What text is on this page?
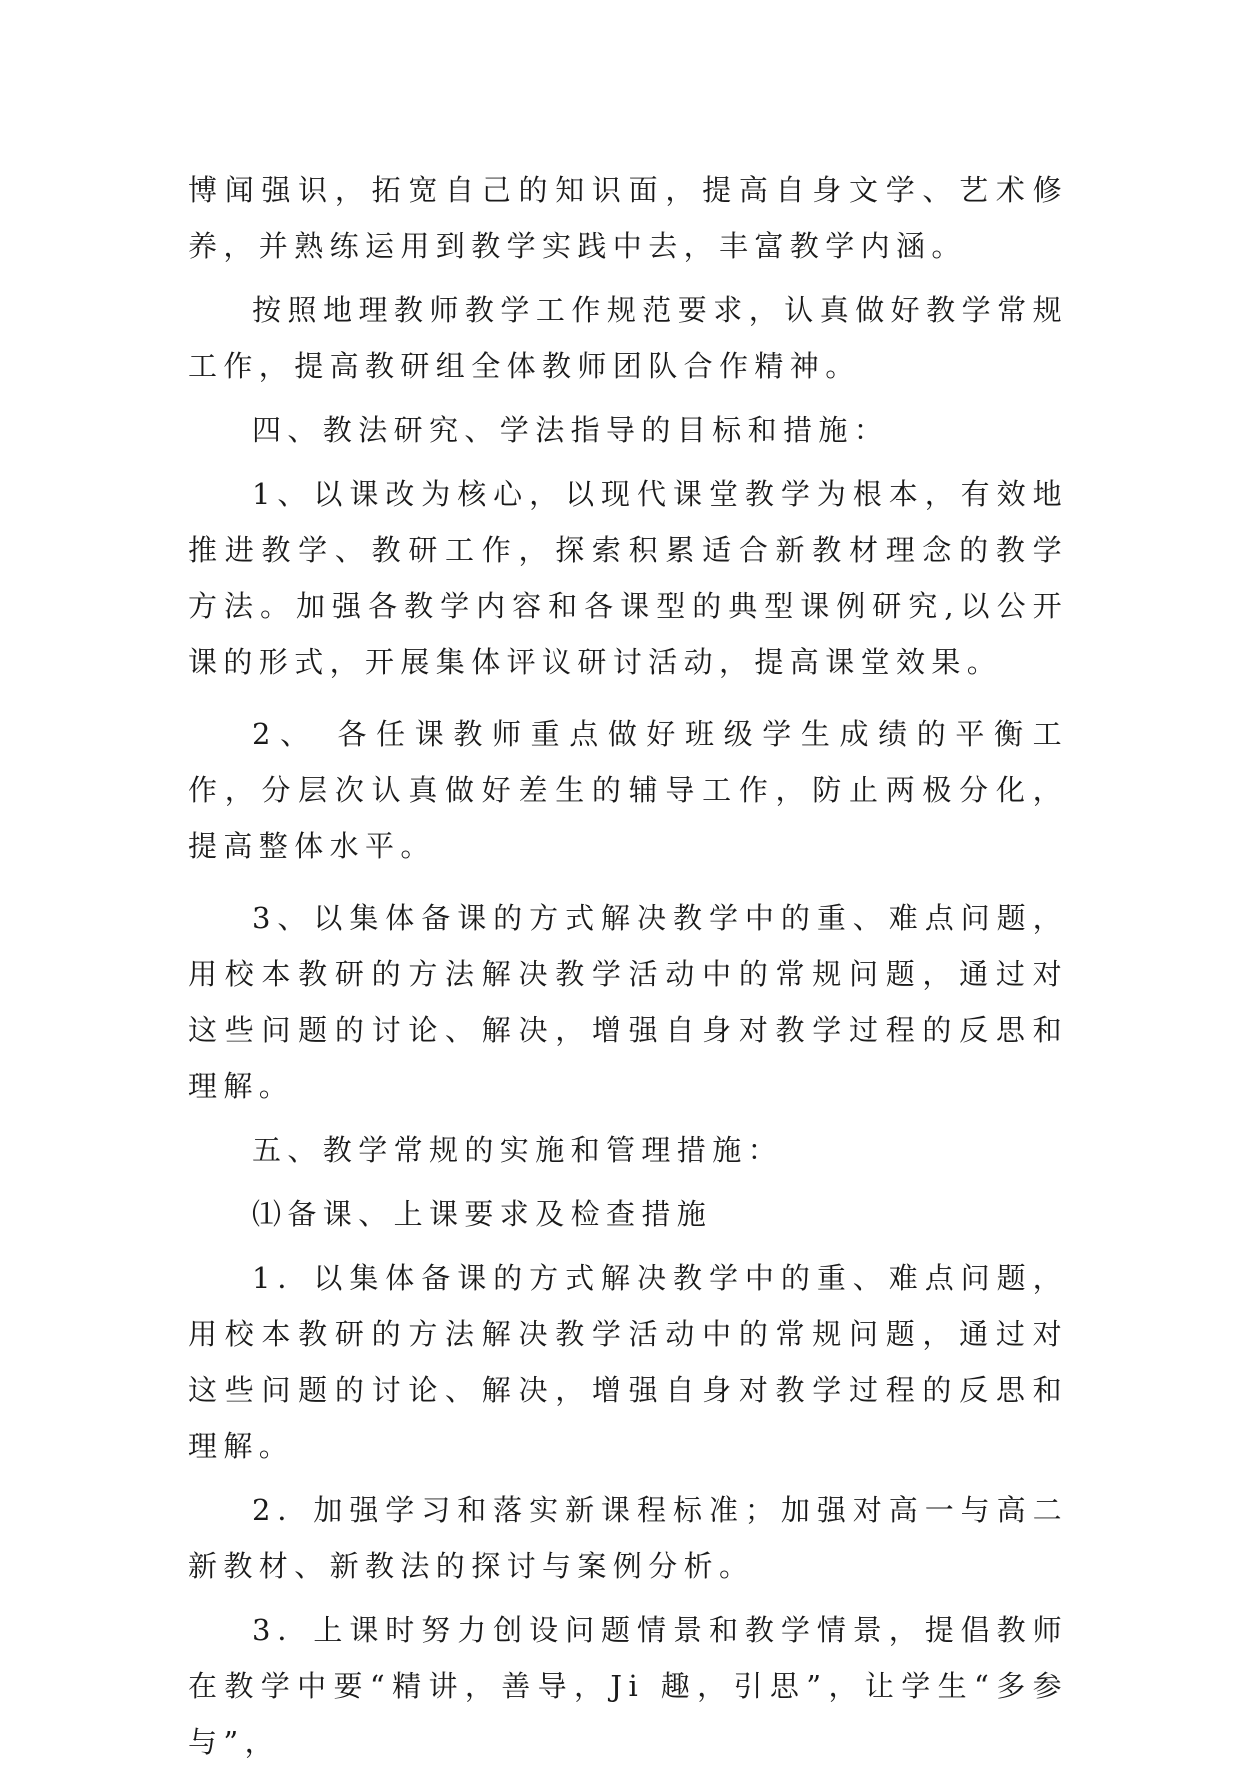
博闻强识，拓宽自己的知识面，提高自身文学、艺术修养，并熟练运用到教学实践中去，丰富教学内涵。

按照地理教师教学工作规范要求，认真做好教学常规工作，提高教研组全体教师团队合作精神。

四、教法研究、学法指导的目标和措施：

1、以课改为核心，以现代课堂教学为根本，有效地推进教学、教研工作，探索积累适合新教材理念的教学方法。加强各教学内容和各课型的典型课例研究,以公开课的形式，开展集体评议研讨活动，提高课堂效果。

2、 各任课教师重点做好班级学生成绩的平衡工作，分层次认真做好差生的辅导工作，防止两极分化，提高整体水平。

3、以集体备课的方式解决教学中的重、难点问题，用校本教研的方法解决教学活动中的常规问题，通过对这些问题的讨论、解决，增强自身对教学过程的反思和理解。

五、教学常规的实施和管理措施：

⑴备课、上课要求及检查措施

1．以集体备课的方式解决教学中的重、难点问题，用校本教研的方法解决教学活动中的常规问题，通过对这些问题的讨论、解决，增强自身对教学过程的反思和理解。

2．加强学习和落实新课程标准；加强对高一与高二新教材、新教法的探讨与案例分析。

3．上课时努力创设问题情景和教学情景，提倡教师在教学中要“精讲，善导，Ji 趣，引思”，让学生“多参与”，
